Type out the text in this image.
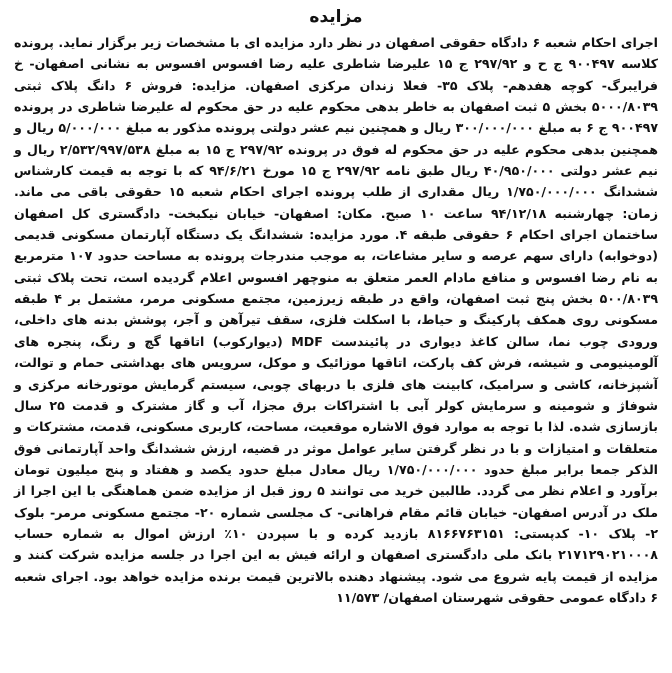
مزایده

اجرای احکام شعبه ۶ دادگاه حقوقی اصفهان در نظر دارد مزایده ای با مشخصات زیر برگزار نماید. پرونده کلاسه ۹۰۰۴۹۷ ج ح و ۲۹۷/۹۲ ج ۱۵ علیرضا شاطری علیه رضا افسوس افسوس به نشانی اصفهان- خ فرایبرگ- کوچه هفدهم- پلاک ۳۵- فعلا زندان مرکزی اصفهان. مزایده: فروش ۶ دانگ پلاک ثبتی ۵۰۰۰/۸۰۳۹ بخش ۵ ثبت اصفهان به خاطر بدهی محکوم علیه در حق محکوم له علیرضا شاطری در پرونده ۹۰۰۴۹۷ ج ۶ به مبلغ ۳۰۰/۰۰۰/۰۰۰ ریال و همچنین نیم عشر دولتی پرونده مذکور به مبلغ ۵/۰۰۰/۰۰۰ ریال و همچنین بدهی محکوم علیه در حق محکوم له فوق در پرونده ۲۹۷/۹۲ ج ۱۵ به مبلغ ۲/۵۳۲/۹۹۷/۵۳۸ ریال و نیم عشر دولتی ۴۰/۹۵۰/۰۰۰ ریال طبق نامه ۲۹۷/۹۲ ج ۱۵ مورخ ۹۴/۶/۲۱ که با توجه به قیمت کارشناس ششدانگ ۱/۷۵۰/۰۰۰/۰۰۰ ریال مقداری از طلب پرونده اجرای احکام شعبه ۱۵ حقوقی باقی می ماند. زمان: چهارشنبه ۹۴/۱۲/۱۸ ساعت ۱۰ صبح. مکان: اصفهان- خیابان نیکبخت- دادگستری کل اصفهان ساختمان اجرای احکام ۶ حقوقی طبقه ۴. مورد مزایده: ششدانگ یک دستگاه آپارتمان مسکونی قدیمی (دوخوابه) دارای سهم عرصه و سایر مشاعات، به موجب مندرجات پرونده به مساحت حدود ۱۰۷ مترمربع به نام رضا افسوس و منافع مادام العمر متعلق به منوچهر افسوس اعلام گردیده است، تحت پلاک ثبتی ۵۰۰/۸۰۳۹ بخش پنج ثبت اصفهان، واقع در طبقه زیرزمین، مجتمع مسکونی مرمر، مشتمل بر ۴ طبقه مسکونی روی همکف پارکینگ و حیاط، با اسکلت فلزی، سقف تیرآهن و آجر، پوشش بدنه های داخلی، ورودی چوب نما، سالن کاغذ دیواری در پائیندست MDF (دیوارکوب) اتاقها گچ و رنگ، پنجره های آلومینیومی و شیشه، فرش کف پارکت، اتاقها موزائیک و موکل، سرویس های بهداشتی حمام و توالت، آشپزخانه، کاشی و سرامیک، کابینت های فلزی با دربهای چوبی، سیستم گرمایش موتورخانه مرکزی و شوفاژ و شومینه و سرمایش کولر آبی با اشتراکات برق مجزا، آب و گاز مشترک و قدمت ۲۵ سال بازسازی شده. لذا با توجه به موارد فوق الاشاره موقعیت، مساحت، کاربری مسکونی، قدمت، مشترکات و متعلقات و امتیازات و با در نظر گرفتن سایر عوامل موثر در قضیه، ارزش ششدانگ واحد آپارتمانی فوق الذکر جمعا برابر مبلغ حدود ۱/۷۵۰/۰۰۰/۰۰۰ ریال معادل مبلغ حدود یکصد و هفتاد و پنج میلیون تومان برآورد و اعلام نظر می گردد. طالبین خرید می توانند ۵ روز قبل از مزایده ضمن هماهنگی با این اجرا از ملک در آدرس اصفهان- خیابان قائم مقام فراهانی- ک مجلسی شماره ۲۰- مجتمع مسکونی مرمر- بلوک ۲- پلاک ۱۰- کدپستی: ۸۱۶۶۷۶۳۱۵۱ بازدید کرده و با سپردن ۱۰٪ ارزش اموال به شماره حساب ۲۱۷۱۲۹۰۲۱۰۰۰۸ بانک ملی دادگستری اصفهان و ارائه فیش به این اجرا در جلسه مزایده شرکت کنند و مزایده از قیمت پایه شروع می شود. پیشنهاد دهنده بالاترین قیمت برنده مزایده خواهد بود. اجرای شعبه ۶ دادگاه عمومی حقوقی شهرستان اصفهان/ ۱۱/۵۷۳
